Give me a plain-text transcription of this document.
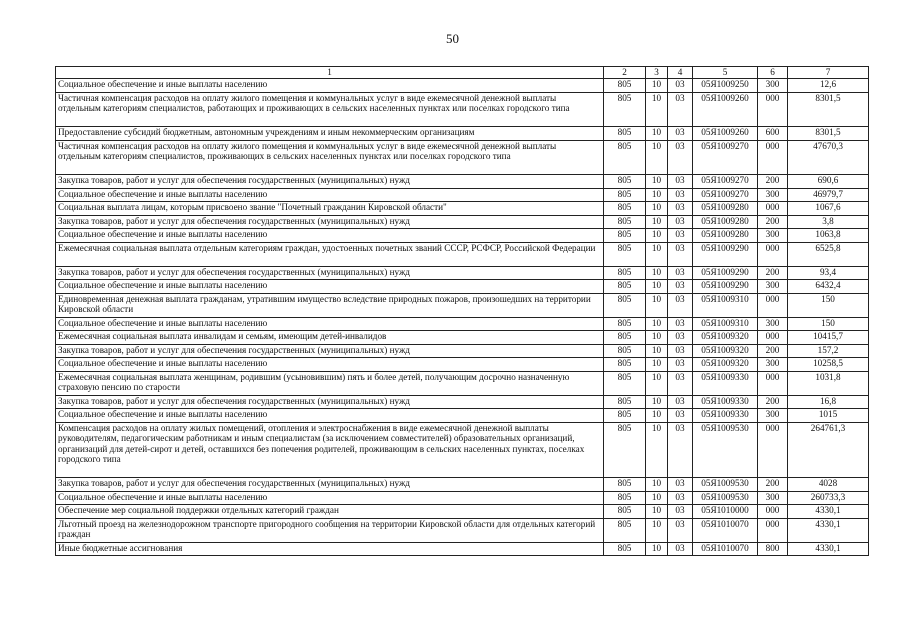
50
1	2	3	4	5	6	7
Социальное обеспечение и иные выплаты населению	805	10	03	05Я1009250	300	12,6
Частичная компенсация расходов на оплату жилого помещения и коммунальных услуг в виде ежемесячной денежной выплаты отдельным категориям специалистов, работающих и проживающих в сельских населенных пунктах или поселках городского типа	805	10	03	05Я1009260	000	8301,5
Предоставление субсидий бюджетным, автономным учреждениям и иным некоммерческим организациям	805	10	03	05Я1009260	600	8301,5
Частичная компенсация расходов на оплату жилого помещения и коммунальных услуг в виде ежемесячной денежной выплаты отдельным категориям специалистов, проживающих в сельских населенных пунктах или поселках городского типа	805	10	03	05Я1009270	000	47670,3
Закупка товаров, работ и услуг для обеспечения государственных (муниципальных) нужд	805	10	03	05Я1009270	200	690,6
Социальное обеспечение и иные выплаты населению	805	10	03	05Я1009270	300	46979,7
Социальная выплата лицам, которым присвоено звание "Почетный гражданин Кировской области"	805	10	03	05Я1009280	000	1067,6
Закупка товаров, работ и услуг для обеспечения государственных (муниципальных) нужд	805	10	03	05Я1009280	200	3,8
Социальное обеспечение и иные выплаты населению	805	10	03	05Я1009280	300	1063,8
Ежемесячная социальная выплата отдельным категориям граждан, удостоенных почетных званий СССР, РСФСР, Российской Федерации	805	10	03	05Я1009290	000	6525,8
Закупка товаров, работ и услуг для обеспечения государственных (муниципальных) нужд	805	10	03	05Я1009290	200	93,4
Социальное обеспечение и иные выплаты населению	805	10	03	05Я1009290	300	6432,4
Единовременная денежная выплата гражданам, утратившим имущество вследствие природных пожаров, произошедших на территории Кировской области	805	10	03	05Я1009310	000	150
Социальное обеспечение и иные выплаты населению	805	10	03	05Я1009310	300	150
Ежемесячная социальная выплата инвалидам и семьям, имеющим детей-инвалидов	805	10	03	05Я1009320	000	10415,7
Закупка товаров, работ и услуг для обеспечения государственных (муниципальных) нужд	805	10	03	05Я1009320	200	157,2
Социальное обеспечение и иные выплаты населению	805	10	03	05Я1009320	300	10258,5
Ежемесячная социальная выплата женщинам, родившим (усыновившим) пять и более детей, получающим досрочно назначенную страховую пенсию по старости	805	10	03	05Я1009330	000	1031,8
Закупка товаров, работ и услуг для обеспечения государственных (муниципальных) нужд	805	10	03	05Я1009330	200	16,8
Социальное обеспечение и иные выплаты населению	805	10	03	05Я1009330	300	1015
Компенсация расходов на оплату жилых помещений, отопления и электроснабжения в виде ежемесячной денежной выплаты руководителям, педагогическим работникам и иным специалистам (за исключением совместителей) образовательных организаций, организаций для детей-сирот и детей, оставшихся без попечения родителей, проживающим в сельских населенных пунктах, поселках городского типа	805	10	03	05Я1009530	000	264761,3
Закупка товаров, работ и услуг для обеспечения государственных (муниципальных) нужд	805	10	03	05Я1009530	200	4028
Социальное обеспечение и иные выплаты населению	805	10	03	05Я1009530	300	260733,3
Обеспечение мер социальной поддержки отдельных категорий граждан	805	10	03	05Я1010000	000	4330,1
Льготный проезд на железнодорожном транспорте пригородного сообщения на территории Кировской области для отдельных категорий граждан	805	10	03	05Я1010070	000	4330,1
Иные бюджетные ассигнования	805	10	03	05Я1010070	800	4330,1
